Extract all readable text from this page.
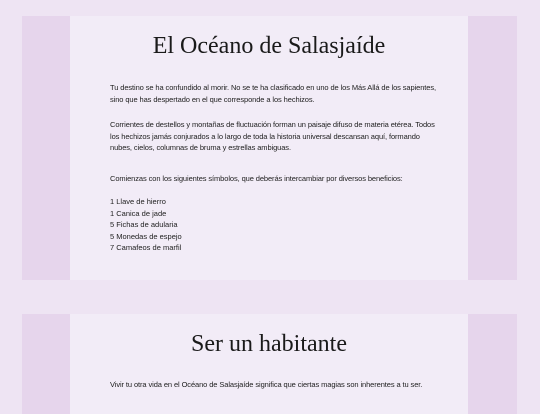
El Océano de Salasjaíde

Tu destino se ha confundido al morir. No se te ha clasificado en uno de los Más Allá de los sapientes, sino que has despertado en el que corresponde a los hechizos.

Corrientes de destellos y montañas de fluctuación forman un paisaje difuso de materia etérea. Todos los hechizos jamás conjurados a lo largo de toda la historia universal descansan aquí, formando nubes, cielos, columnas de bruma y estrellas ambiguas.

Comienzas con los siguientes símbolos, que deberás intercambiar por diversos beneficios:

1 Llave de hierro
1 Canica de jade
5 Fichas de adularia
5 Monedas de espejo
7 Camafeos de marfil
Ser un habitante

Vivir tu otra vida en el Océano de Salasjaíde significa que ciertas magias son inherentes a tu ser.
